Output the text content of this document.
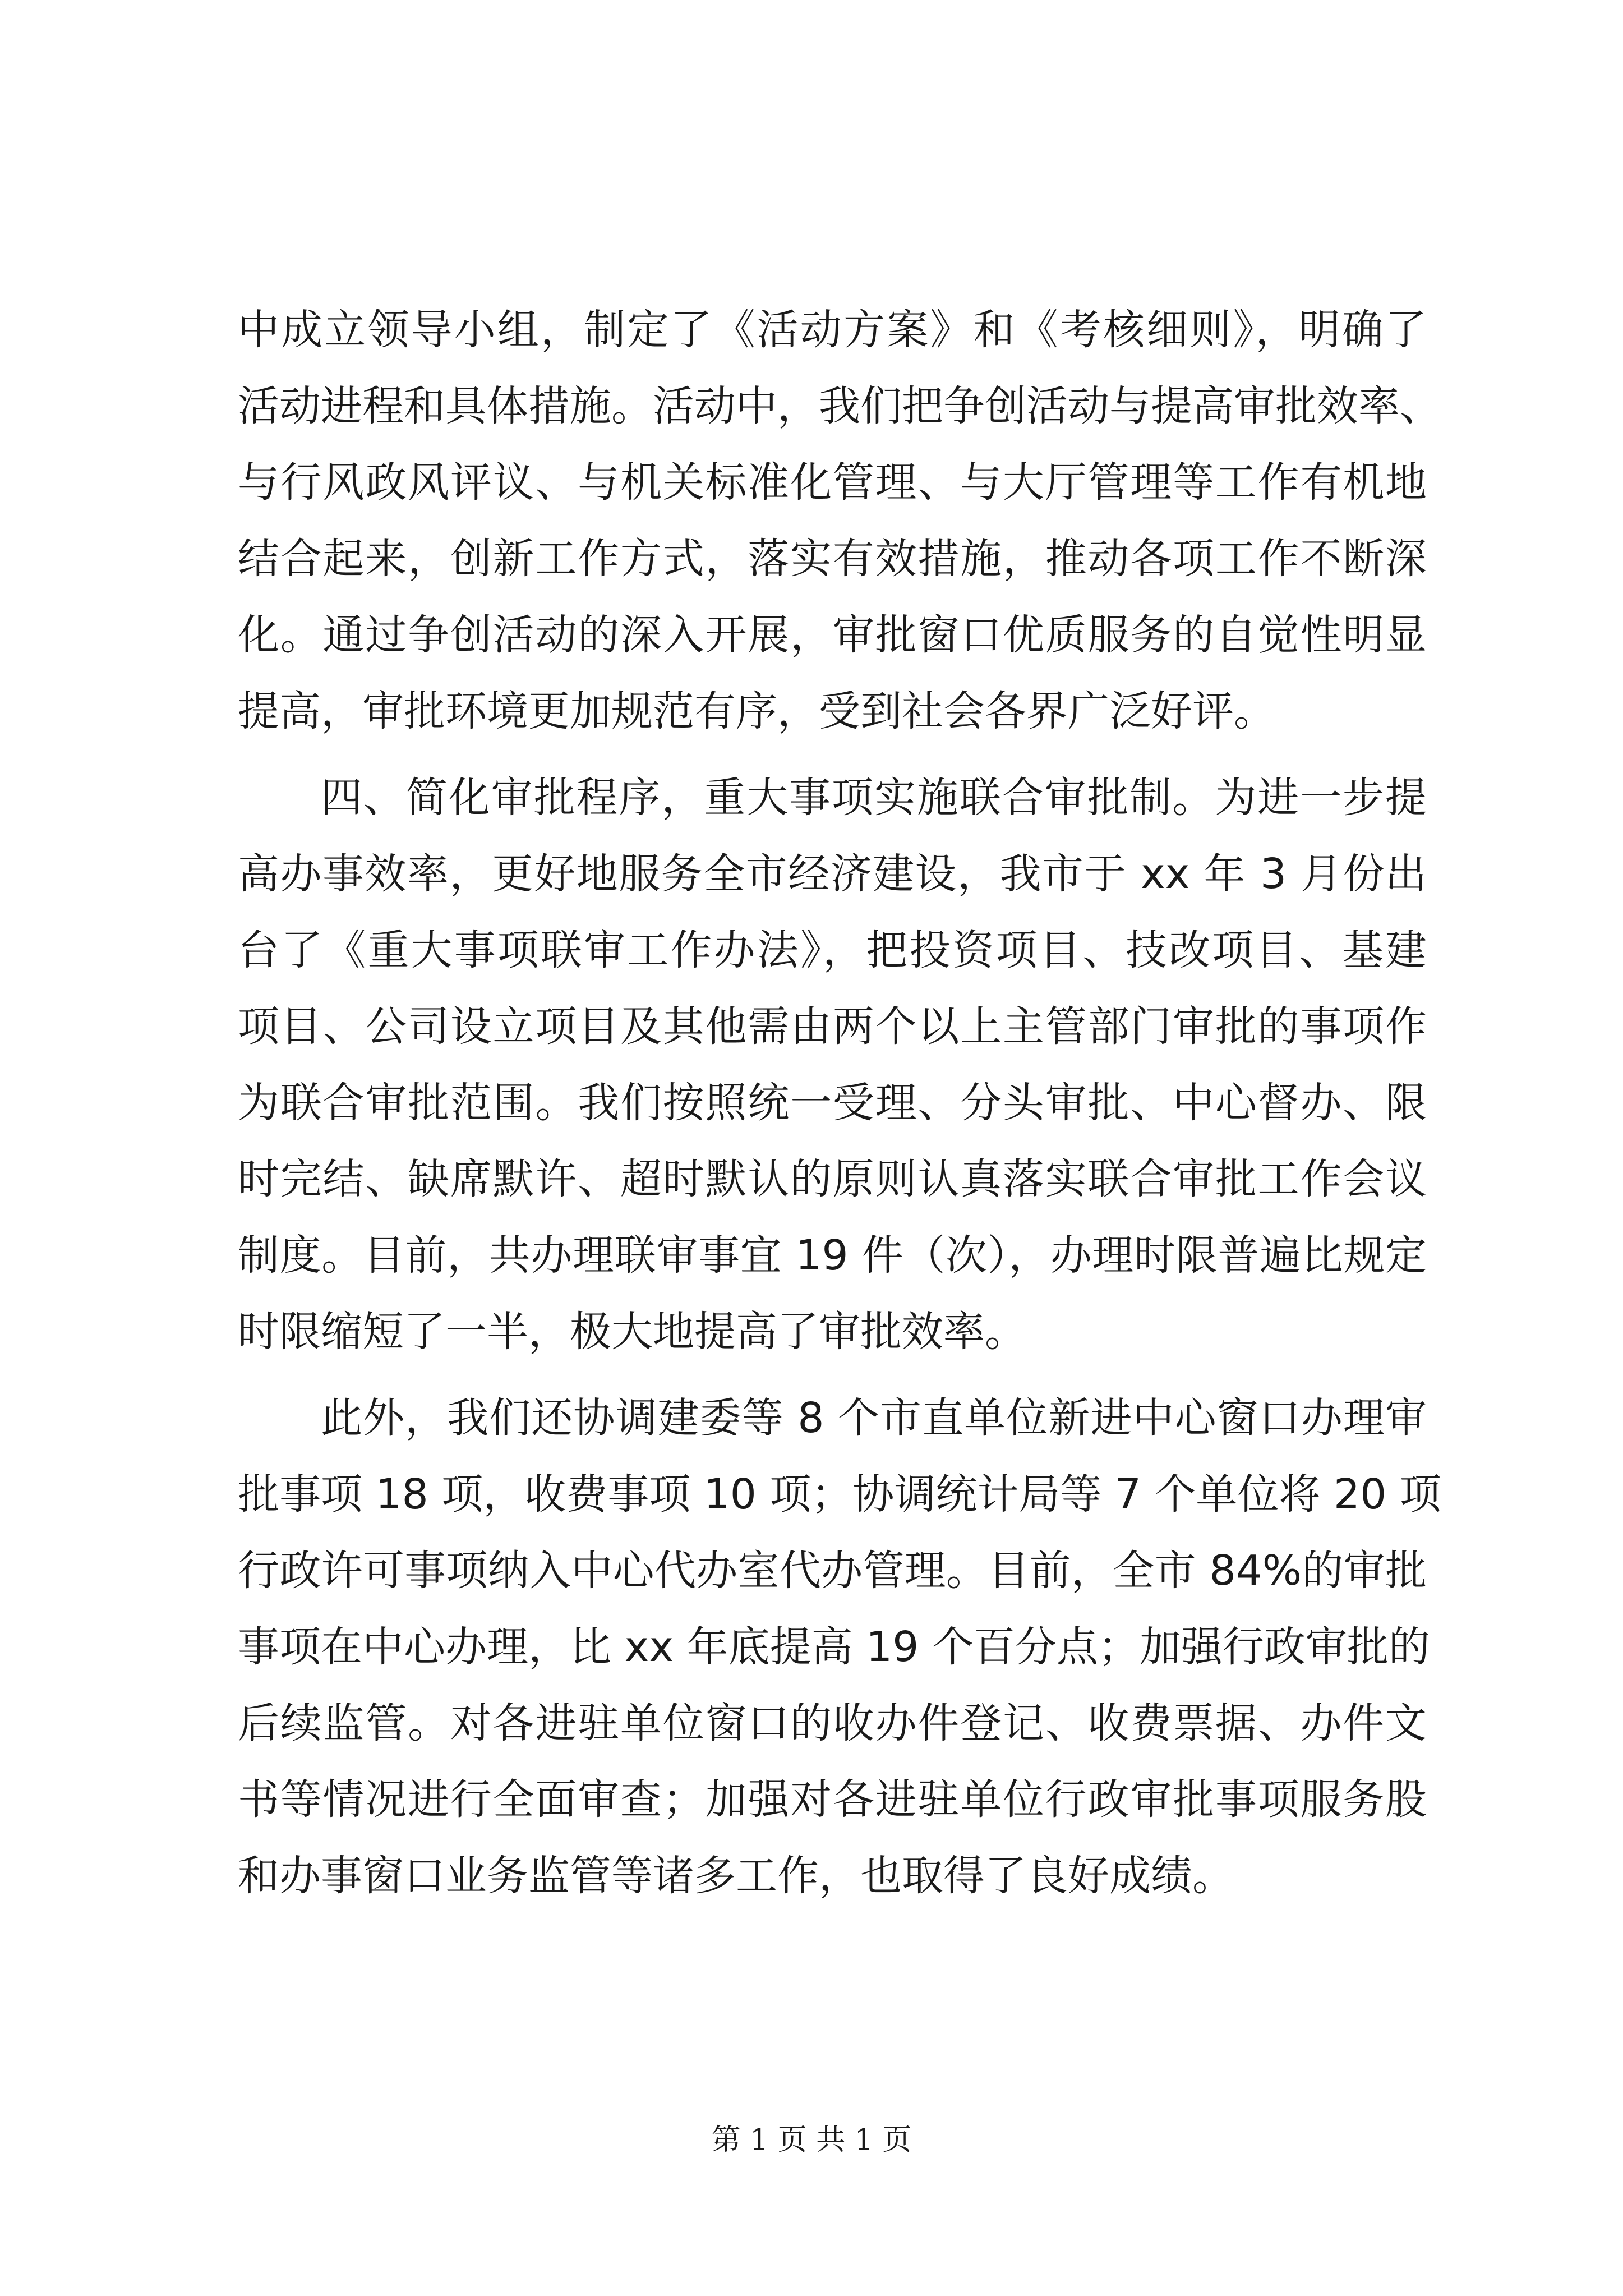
中成立领导小组，制定了《活动方案》和《考核细则》，明确了
活动进程和具体措施。活动中，我们把争创活动与提高审批效率、
与行风政风评议、与机关标准化管理、与大厅管理等工作有机地
结合起来，创新工作方式，落实有效措施，推动各项工作不断深
化。通过争创活动的深入开展，审批窗口优质服务的自觉性明显
提高，审批环境更加规范有序，受到社会各界广泛好评。
四、简化审批程序，重大事项实施联合审批制。为进一步提
高办事效率，更好地服务全市经济建设，我市于 xx 年 3 月份出
台了《重大事项联审工作办法》，把投资项目、技改项目、基建
项目、公司设立项目及其他需由两个以上主管部门审批的事项作
为联合审批范围。我们按照统一受理、分头审批、中心督办、限
时完结、缺席默许、超时默认的原则认真落实联合审批工作会议
制度。目前，共办理联审事宜 19 件（次），办理时限普遍比规定
时限缩短了一半，极大地提高了审批效率。
此外，我们还协调建委等 8 个市直单位新进中心窗口办理审
批事项 18 项，收费事项 10 项；协调统计局等 7 个单位将 20 项
行政许可事项纳入中心代办室代办管理。目前，全市 84%的审批
事项在中心办理，比 xx 年底提高 19 个百分点；加强行政审批的
后续监管。对各进驻单位窗口的收办件登记、收费票据、办件文
书等情况进行全面审查；加强对各进驻单位行政审批事项服务股
和办事窗口业务监管等诸多工作，也取得了良好成绩。
第 1 页 共 1 页
